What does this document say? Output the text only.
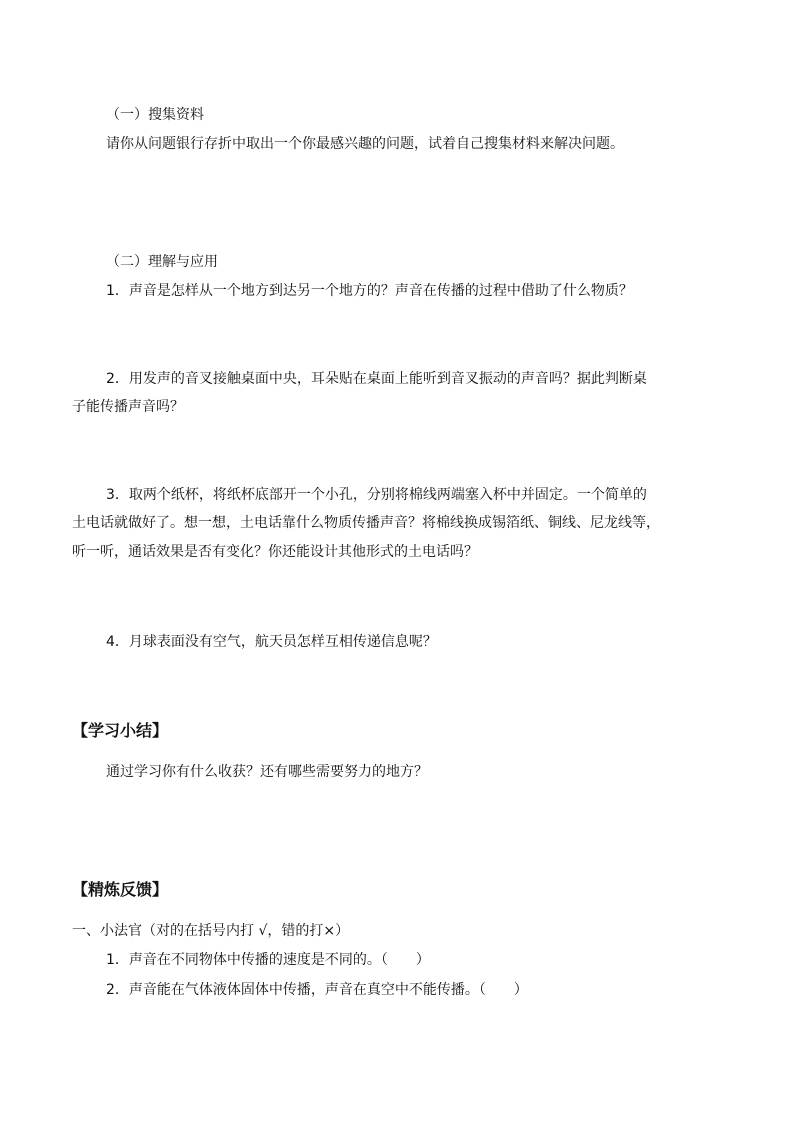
（一）搜集资料
请你从问题银行存折中取出一个你最感兴趣的问题，试着自己搜集材料来解决问题。
（二）理解与应用
1．声音是怎样从一个地方到达另一个地方的？声音在传播的过程中借助了什么物质？
2．用发声的音叉接触桌面中央，耳朵贴在桌面上能听到音叉振动的声音吗？据此判断桌
子能传播声音吗？
3．取两个纸杯，将纸杯底部开一个小孔，分别将棉线两端塞入杯中并固定。一个简单的
土电话就做好了。想一想，土电话靠什么物质传播声音？将棉线换成锡箔纸、铜线、尼龙线等，
听一听，通话效果是否有变化？你还能设计其他形式的土电话吗？
4．月球表面没有空气，航天员怎样互相传递信息呢？
【学习小结】
通过学习你有什么收获？还有哪些需要努力的地方？
【精炼反馈】
一、小法官（对的在括号内打 √，错的打×）
1．声音在不同物体中传播的速度是不同的。（　　）
2．声音能在气体液体固体中传播，声音在真空中不能传播。（　　）
